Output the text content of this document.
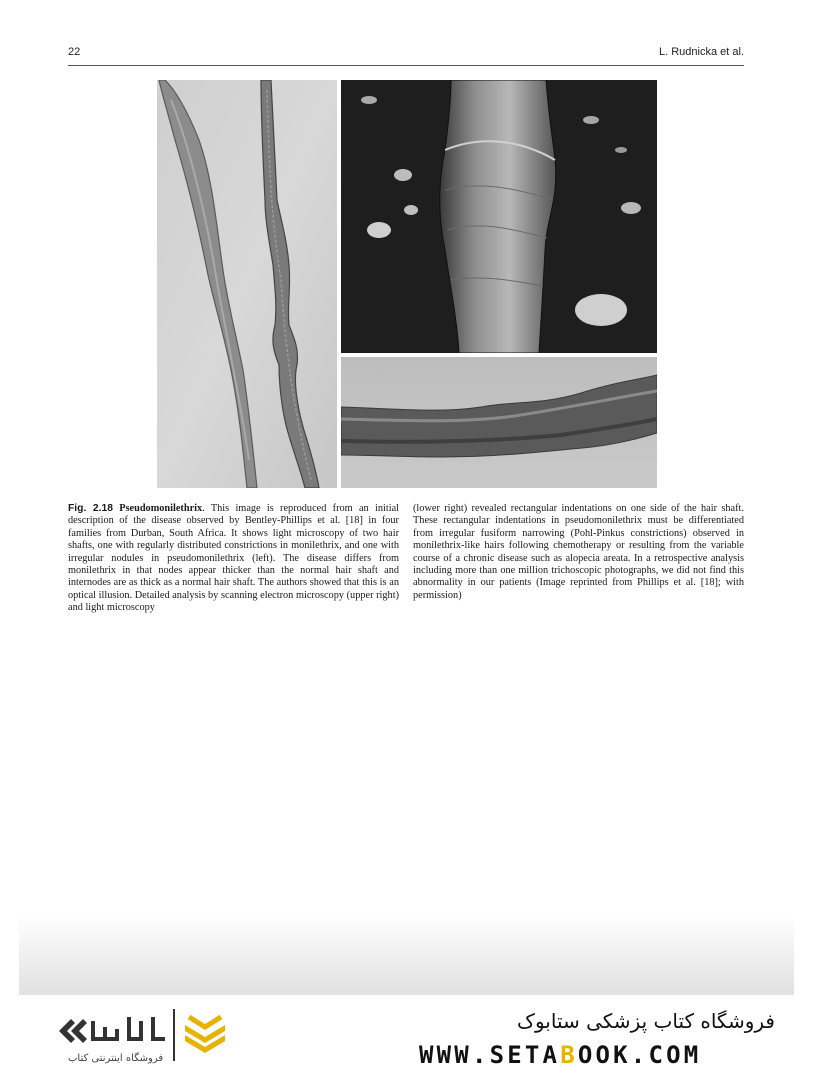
22	L. Rudnicka et al.

Fig. 2.18 Pseudomonilethrix. This image is reproduced from an initial description of the disease observed by Bentley-Phillips et al. [18] in four families from Durban, South Africa. It shows light microscopy of two hair shafts, one with regularly distributed constrictions in monilethrix, and one with irregular nodules in pseudomonilethrix (left). The disease differs from monilethrix in that nodes appear thicker than the normal hair shaft and internodes are as thick as a normal hair shaft. The authors showed that this is an optical illusion. Detailed analysis by scanning electron microscopy (upper right) and light microscopy

(lower right) revealed rectangular indentations on one side of the hair shaft. These rectangular indentations in pseudomonilethrix must be differentiated from irregular fusiform narrowing (Pohl-Pinkus constrictions) observed in monilethrix-like hairs following chemotherapy or resulting from the variable course of a chronic disease such as alopecia areata. In a retrospective analysis including more than one million trichoscopic photographs, we did not find this abnormality in our patients (Image reprinted from Phillips et al. [18]; with permission)

فروشگاه اینترنتی کتاب
فروشگاه کتاب پزشکی ستابوک
WWW.SETABOOK.COM
